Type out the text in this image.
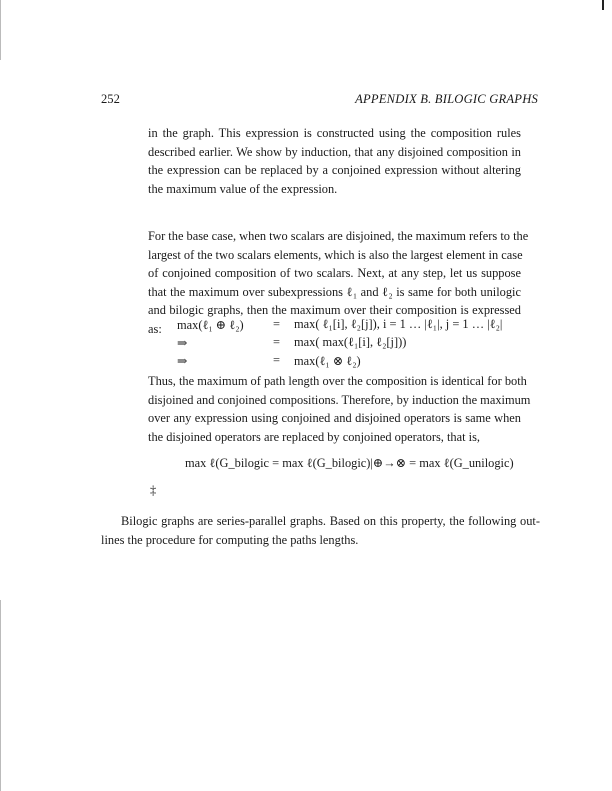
252	APPENDIX B. BILOGIC GRAPHS
in the graph. This expression is constructed using the composition rules
described earlier. We show by induction, that any disjoined composition in
the expression can be replaced by a conjoined expression without altering
the maximum value of the expression.
For the base case, when two scalars are disjoined, the maximum refers to the
largest of the two scalars elements, which is also the largest element in case
of conjoined composition of two scalars. Next, at any step, let us suppose
that the maximum over subexpressions ℓ₁ and ℓ₂ is same for both unilogic
and bilogic graphs, then the maximum over their composition is expressed
as:	max(ℓ₁ ⊕ ℓ₂) = max( ℓ₁[i], ℓ₂[j]), i = 1 … |ℓ₁|, j = 1 … |ℓ₂|
⇒	= max( max(ℓ₁[i], ℓ₂[j]))
⇒	= max(ℓ₁ ⊗ ℓ₂)
Thus, the maximum of path length over the composition is identical for both
disjoined and conjoined compositions. Therefore, by induction the maximum
over any expression using conjoined and disjoined operators is same when
the disjoined operators are replaced by conjoined operators, that is,
max ℓ(G_bilogic = max ℓ(G_bilogic)|⊕→⊗ = max ℓ(G_unilogic)
‡
Bilogic graphs are series-parallel graphs. Based on this property, the following out-
lines the procedure for computing the paths lengths.
